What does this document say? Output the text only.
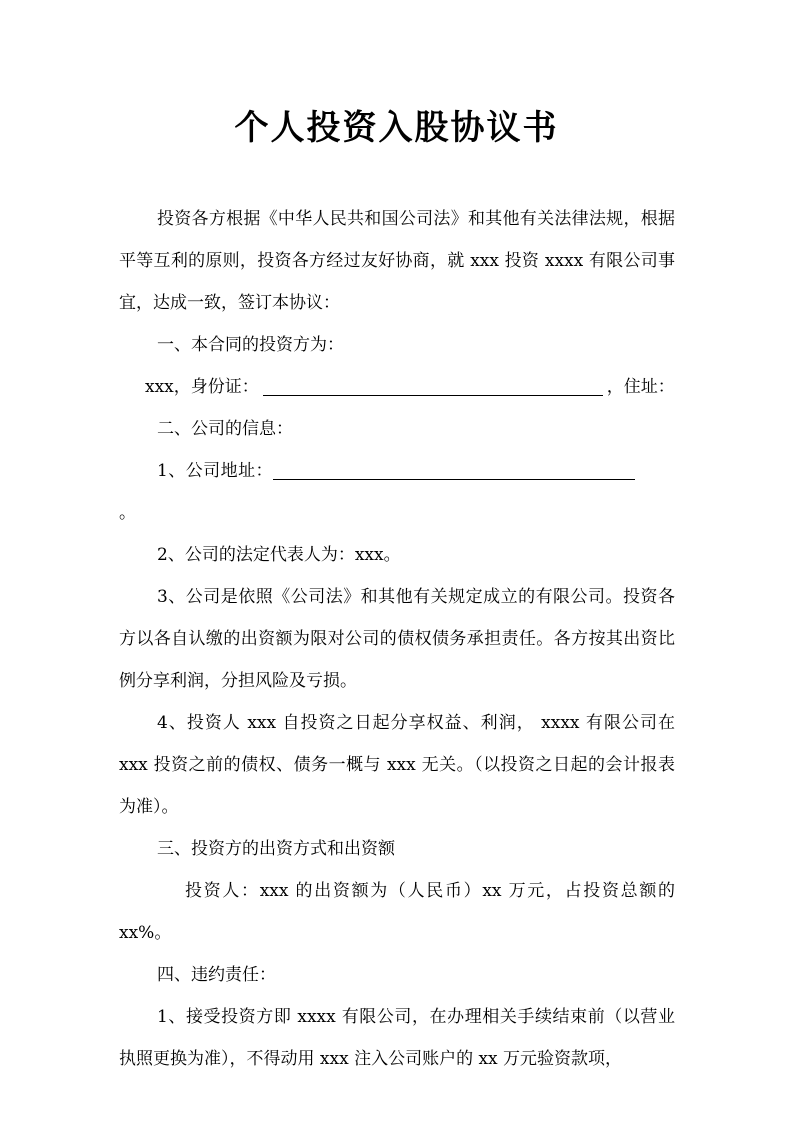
个人投资入股协议书

投资各方根据《中华人民共和国公司法》和其他有关法律法规，根据平等互利的原则，投资各方经过友好协商，就 xxx 投资 xxxx 有限公司事宜，达成一致，签订本协议：

一、本合同的投资方为：

xxx，身份证：	，住址：

二、公司的信息：

1、公司地址：。

2、公司的法定代表人为：xxx。

3、公司是依照《公司法》和其他有关规定成立的有限公司。投资各方以各自认缴的出资额为限对公司的债权债务承担责任。各方按其出资比例分享利润，分担风险及亏损。

4、投资人 xxx 自投资之日起分享权益、利润， xxxx 有限公司在 xxx 投资之前的债权、债务一概与 xxx 无关。（以投资之日起的会计报表为准）。

三、投资方的出资方式和出资额

投资人：xxx 的出资额为（人民币）xx 万元，占投资总额的 xx%。

四、违约责任：

1、接受投资方即 xxxx 有限公司，在办理相关手续结束前（以营业执照更换为准），不得动用 xxx 注入公司账户的 xx 万元验资款项，
